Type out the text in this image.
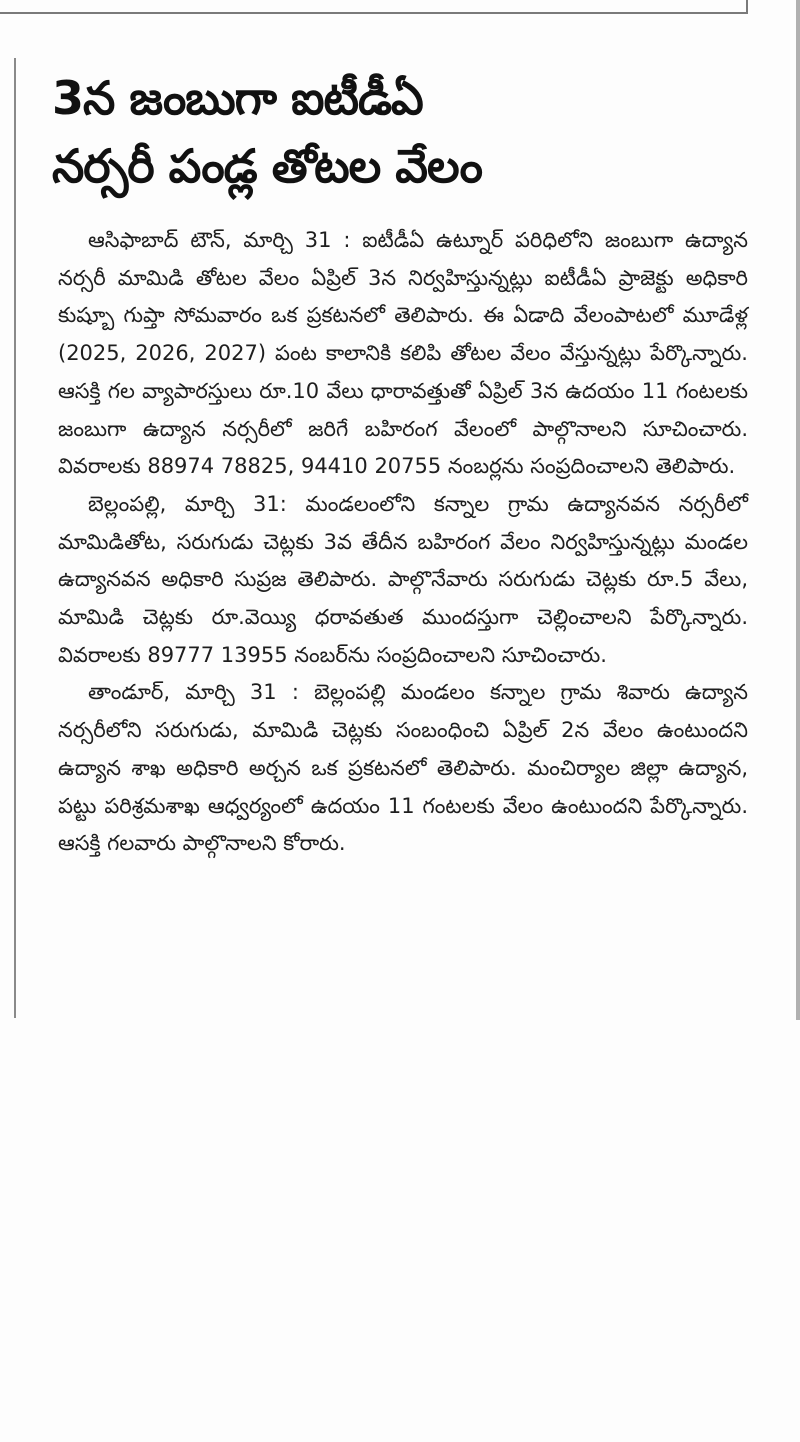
3న జంబుగా ఐటీడీఏ
నర్సరీ పండ్ల తోటల వేలం

ఆసిఫాబాద్ టౌన్, మార్చి 31 : ఐటీడీఏ ఉట్నూర్ పరిధిలోని జంబుగా ఉద్యాన నర్సరీ మామిడి తోటల వేలం ఏప్రిల్ 3న నిర్వహిస్తున్నట్లు ఐటీడీఏ ప్రాజెక్టు అధికారి కుష్బూ గుప్తా సోమవారం ఒక ప్రకటనలో తెలిపారు. ఈ ఏడాది వేలంపాటలో మూడేళ్ల (2025, 2026, 2027) పంట కాలానికి కలిపి తోటల వేలం వేస్తున్నట్లు పేర్కొన్నారు. ఆసక్తి గల వ్యాపారస్తులు రూ.10 వేలు ధారావత్తుతో ఏప్రిల్ 3న ఉదయం 11 గంటలకు జంబుగా ఉద్యాన నర్సరీలో జరిగే బహిరంగ వేలంలో పాల్గొనాలని సూచించారు. వివరాలకు 88974 78825, 94410 20755 నంబర్లను సంప్రదించాలని తెలిపారు.

బెల్లంపల్లి, మార్చి 31: మండలంలోని కన్నాల గ్రామ ఉద్యానవన నర్సరీలో మామిడితోట, సరుగుడు చెట్లకు 3వ తేదీన బహిరంగ వేలం నిర్వహిస్తున్నట్లు మండల ఉద్యానవన అధికారి సుప్రజ తెలిపారు. పాల్గొనేవారు సరుగుడు చెట్లకు రూ.5 వేలు, మామిడి చెట్లకు రూ.వెయ్యి ధరావతుత ముందస్తుగా చెల్లించాలని పేర్కొన్నారు. వివరాలకు 89777 13955 నంబర్‌ను సంప్రదించాలని సూచించారు.

తాండూర్, మార్చి 31 : బెల్లంపల్లి మండలం కన్నాల గ్రామ శివారు ఉద్యాన నర్సరీలోని సరుగుడు, మామిడి చెట్లకు సంబంధించి ఏప్రిల్ 2న వేలం ఉంటుందని ఉద్యాన శాఖ అధికారి అర్చన ఒక ప్రకటనలో తెలిపారు. మంచిర్యాల జిల్లా ఉద్యాన, పట్టు పరిశ్రమశాఖ ఆధ్వర్యంలో ఉదయం 11 గంటలకు వేలం ఉంటుందని పేర్కొన్నారు. ఆసక్తి గలవారు పాల్గొనాలని కోరారు.
